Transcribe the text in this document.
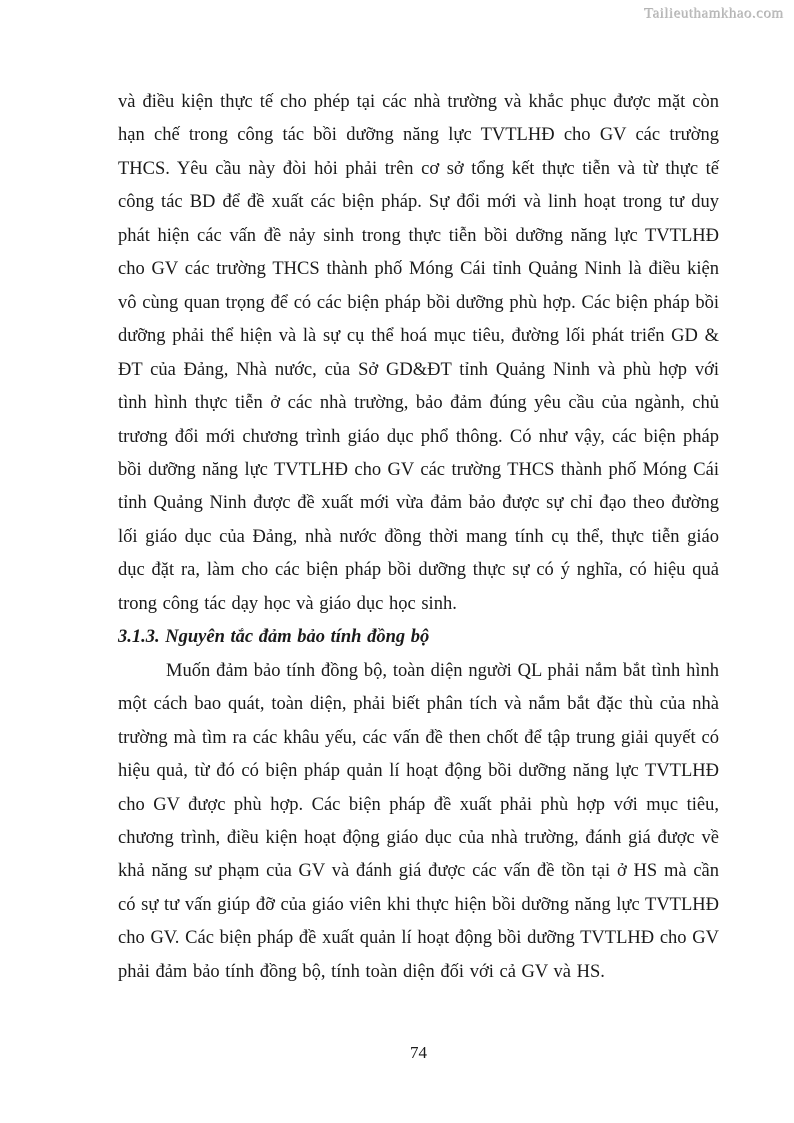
Tailieuthamkhao.com

và điều kiện thực tế cho phép tại các nhà trường và khắc phục được mặt còn hạn chế trong công tác bồi dưỡng năng lực TVTLHĐ cho GV các trường THCS. Yêu cầu này đòi hỏi phải trên cơ sở tổng kết thực tiễn và từ thực tế công tác BD để đề xuất các biện pháp. Sự đổi mới và linh hoạt trong tư duy phát hiện các vấn đề nảy sinh trong thực tiễn bồi dưỡng năng lực TVTLHĐ cho GV các trường THCS thành phố Móng Cái tỉnh Quảng Ninh là điều kiện vô cùng quan trọng để có các biện pháp bồi dưỡng phù hợp. Các biện pháp bồi dưỡng phải thể hiện và là sự cụ thể hoá mục tiêu, đường lối phát triển GD & ĐT của Đảng, Nhà nước, của Sở GD&ĐT tỉnh Quảng Ninh và phù hợp với tình hình thực tiễn ở các nhà trường, bảo đảm đúng yêu cầu của ngành, chủ trương đổi mới chương trình giáo dục phổ thông. Có như vậy, các biện pháp bồi dưỡng năng lực TVTLHĐ cho GV các trường THCS thành phố Móng Cái tỉnh Quảng Ninh được đề xuất mới vừa đảm bảo được sự chỉ đạo theo đường lối giáo dục của Đảng, nhà nước đồng thời mang tính cụ thể, thực tiễn giáo dục đặt ra, làm cho các biện pháp bồi dưỡng thực sự có ý nghĩa, có hiệu quả trong công tác dạy học và giáo dục học sinh.

3.1.3. Nguyên tắc đảm bảo tính đồng bộ

Muốn đảm bảo tính đồng bộ, toàn diện người QL phải nắm bắt tình hình một cách bao quát, toàn diện, phải biết phân tích và nắm bắt đặc thù của nhà trường mà tìm ra các khâu yếu, các vấn đề then chốt để tập trung giải quyết có hiệu quả, từ đó có biện pháp quản lí hoạt động bồi dưỡng năng lực TVTLHĐ cho GV được phù hợp. Các biện pháp đề xuất phải phù hợp với mục tiêu, chương trình, điều kiện hoạt động giáo dục của nhà trường, đánh giá được về khả năng sư phạm của GV và đánh giá được các vấn đề tồn tại ở HS mà cần có sự tư vấn giúp đỡ của giáo viên khi thực hiện bồi dưỡng năng lực TVTLHĐ cho GV. Các biện pháp đề xuất quản lí hoạt động bồi dưỡng TVTLHĐ cho GV phải đảm bảo tính đồng bộ, tính toàn diện đối với cả GV và HS.

74
